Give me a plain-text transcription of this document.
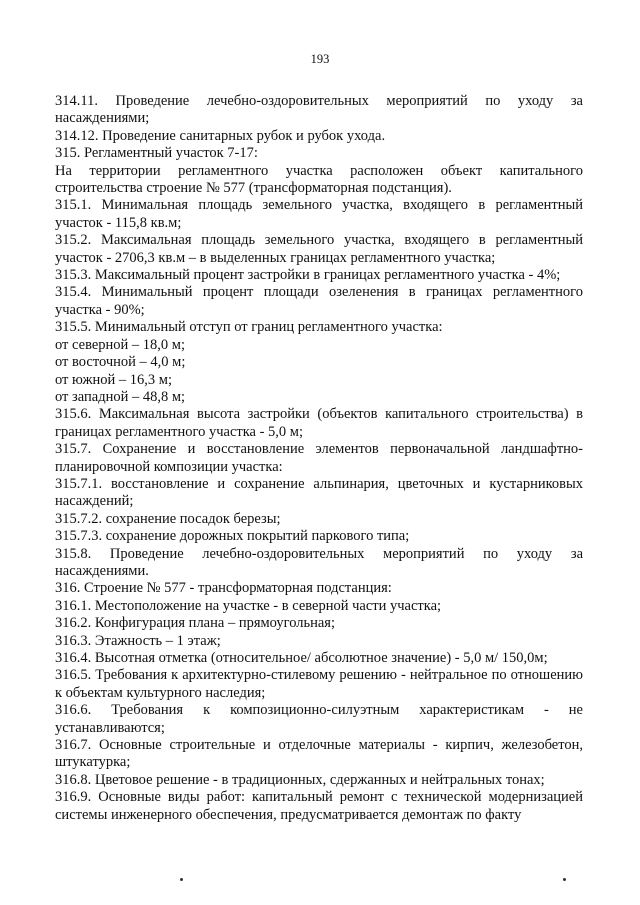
193

314.11. Проведение лечебно-оздоровительных мероприятий по уходу за насаждениями;

314.12. Проведение санитарных рубок и рубок ухода.

315. Регламентный участок 7-17:

На территории регламентного участка расположен объект капитального строительства строение № 577 (трансформаторная подстанция).

315.1. Минимальная площадь земельного участка, входящего в регламентный участок - 115,8 кв.м;

315.2. Максимальная площадь земельного участка, входящего в регламентный участок - 2706,3 кв.м – в выделенных границах регламентного участка;

315.3. Максимальный процент застройки в границах регламентного участка - 4%;

315.4. Минимальный процент площади озеленения в границах регламентного участка - 90%;

315.5. Минимальный отступ от границ регламентного участка:

от северной – 18,0 м;

от восточной – 4,0 м;

от южной – 16,3 м;

от западной – 48,8 м;

315.6. Максимальная высота застройки (объектов капитального строительства) в границах регламентного участка - 5,0 м;

315.7. Сохранение и восстановление элементов первоначальной ландшафтно-планировочной композиции участка:

315.7.1. восстановление и сохранение альпинария, цветочных и кустарниковых насаждений;

315.7.2. сохранение посадок березы;

315.7.3. сохранение дорожных покрытий паркового типа;

315.8. Проведение лечебно-оздоровительных мероприятий по уходу за насаждениями.

316. Строение № 577 - трансформаторная подстанция:

316.1. Местоположение на участке - в северной части участка;

316.2. Конфигурация плана – прямоугольная;

316.3. Этажность – 1 этаж;

316.4. Высотная отметка (относительное/ абсолютное значение) - 5,0 м/ 150,0м;

316.5. Требования к архитектурно-стилевому решению - нейтральное по отношению к объектам культурного наследия;

316.6. Требования к композиционно-силуэтным характеристикам - не устанавливаются;

316.7. Основные строительные и отделочные материалы - кирпич, железобетон, штукатурка;

316.8. Цветовое решение - в традиционных, сдержанных и нейтральных тонах;

316.9. Основные виды работ: капитальный ремонт с технической модернизацией системы инженерного обеспечения, предусматривается демонтаж по факту
